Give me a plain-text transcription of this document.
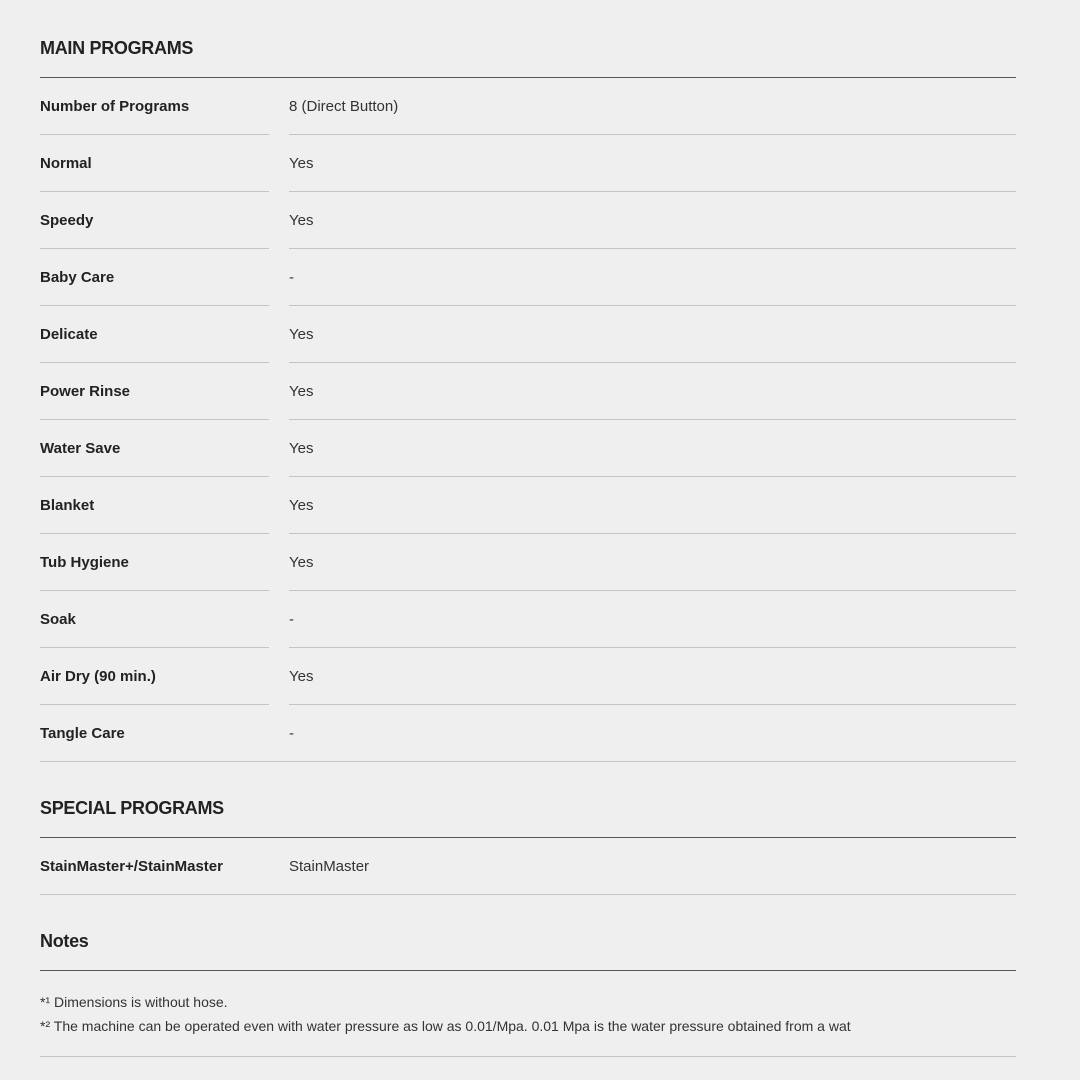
MAIN PROGRAMS
Number of Programs	8 (Direct Button)
Normal	Yes
Speedy	Yes
Baby Care	-
Delicate	Yes
Power Rinse	Yes
Water Save	Yes
Blanket	Yes
Tub Hygiene	Yes
Soak	-
Air Dry (90 min.)	Yes
Tangle Care	-
SPECIAL PROGRAMS
StainMaster+/StainMaster	StainMaster
Notes
*¹ Dimensions is without hose.
*² The machine can be operated even with water pressure as low as 0.01/Mpa. 0.01 Mpa is the water pressure obtained from a wat
